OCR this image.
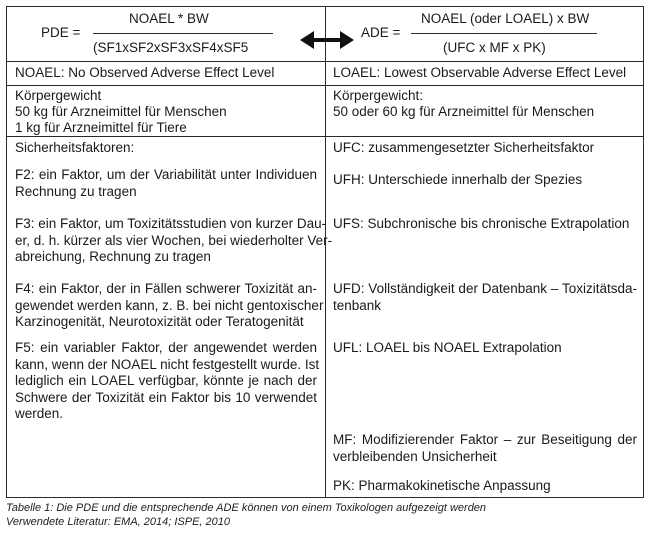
PDE =
NOAEL * BW
(SF1xSF2xSF3xSF4xSF5
ADE =
NOAEL (oder LOAEL) x BW
(UFC x MF x PK)
NOAEL: No Observed Adverse Effect Level	LOAEL: Lowest Observable Adverse Effect Level
Körpergewicht
50 kg für Arzneimittel für Menschen
1 kg für Arzneimittel für Tiere
Körpergewicht:
50 oder 60 kg für Arzneimittel für Menschen
Sicherheitsfaktoren:
F2: ein Faktor, um der Variabilität unter Individuen
Rechnung zu tragen
F3: ein Faktor, um Toxizitätsstudien von kurzer Dau-
er, d. h. kürzer als vier Wochen, bei wiederholter Ver-
abreichung, Rechnung zu tragen
F4: ein Faktor, der in Fällen schwerer Toxizität an-
gewendet werden kann, z. B. bei nicht gentoxischer
Karzinogenität, Neurotoxizität oder Teratogenität
F5: ein variabler Faktor, der angewendet werden
kann, wenn der NOAEL nicht festgestellt wurde. Ist
lediglich ein LOAEL verfügbar, könnte je nach der
Schwere der Toxizität ein Faktor bis 10 verwendet
werden.
UFC: zusammengesetzter Sicherheitsfaktor
UFH: Unterschiede innerhalb der Spezies
UFS: Subchronische bis chronische Extrapolation
UFD: Vollständigkeit der Datenbank – Toxizitätsda-
tenbank
UFL: LOAEL bis NOAEL Extrapolation
MF: Modifizierender Faktor – zur Beseitigung der
verbleibenden Unsicherheit
PK: Pharmakokinetische Anpassung
Tabelle 1: Die PDE und die entsprechende ADE können von einem Toxikologen aufgezeigt werden
Verwendete Literatur: EMA, 2014; ISPE, 2010
